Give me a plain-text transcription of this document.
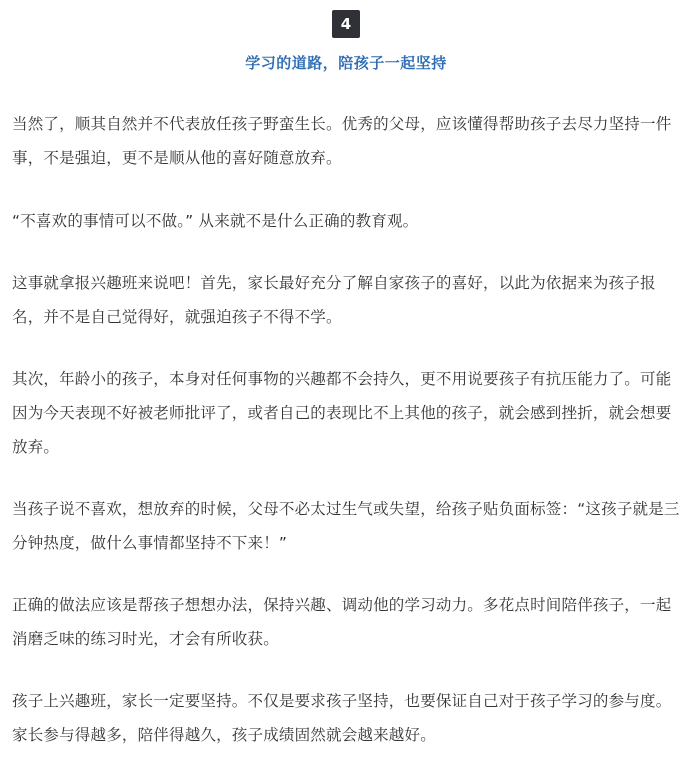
4
学习的道路，陪孩子一起坚持

当然了，顺其自然并不代表放任孩子野蛮生长。优秀的父母，应该懂得帮助孩子去尽力坚持一件事，不是强迫，更不是顺从他的喜好随意放弃。

“不喜欢的事情可以不做。” 从来就不是什么正确的教育观。

这事就拿报兴趣班来说吧！首先，家长最好充分了解自家孩子的喜好，以此为依据来为孩子报名，并不是自己觉得好，就强迫孩子不得不学。

其次，年龄小的孩子，本身对任何事物的兴趣都不会持久，更不用说要孩子有抗压能力了。可能因为今天表现不好被老师批评了，或者自己的表现比不上其他的孩子，就会感到挫折，就会想要放弃。

当孩子说不喜欢，想放弃的时候，父母不必太过生气或失望，给孩子贴负面标签：“这孩子就是三分钟热度，做什么事情都坚持不下来！”

正确的做法应该是帮孩子想想办法，保持兴趣、调动他的学习动力。多花点时间陪伴孩子，一起消磨乏味的练习时光，才会有所收获。

孩子上兴趣班，家长一定要坚持。不仅是要求孩子坚持，也要保证自己对于孩子学习的参与度。家长参与得越多，陪伴得越久，孩子成绩固然就会越来越好。
